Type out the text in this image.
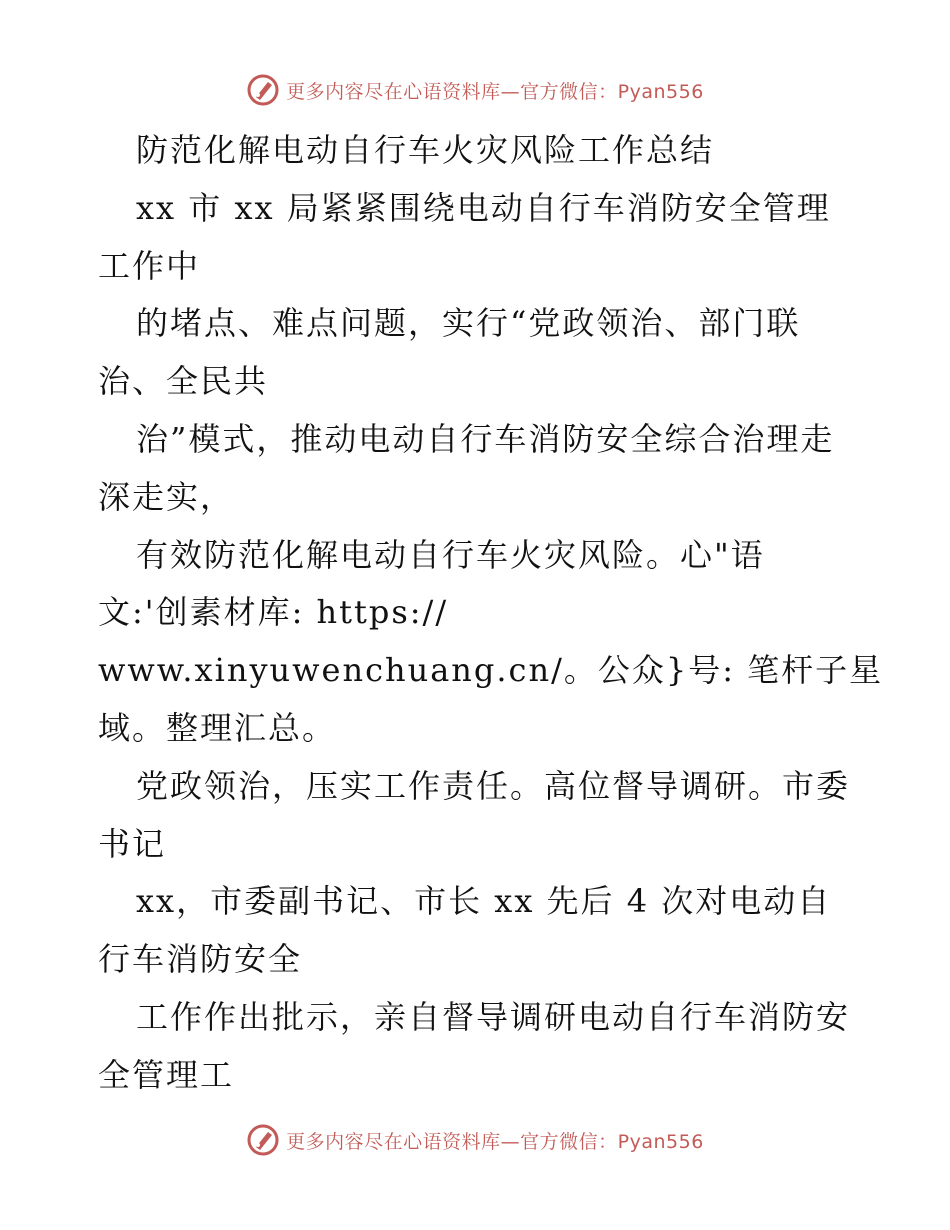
更多内容尽在心语资料库—官方微信：Pyan556
防范化解电动自行车火灾风险工作总结
xx 市 xx 局紧紧围绕电动自行车消防安全管理
工作中
的堵点、难点问题，实行“党政领治、部门联
治、全民共
治”模式，推动电动自行车消防安全综合治理走
深走实，
有效防范化解电动自行车火灾风险。心"语
文:'创素材库: https://
www.xinyuwenchuang.cn/。公众}号: 笔杆子星
域。整理汇总。
党政领治，压实工作责任。高位督导调研。市委
书记
xx，市委副书记、市长 xx 先后 4 次对电动自
行车消防安全
工作作出批示，亲自督导调研电动自行车消防安
全管理工
更多内容尽在心语资料库—官方微信：Pyan556
